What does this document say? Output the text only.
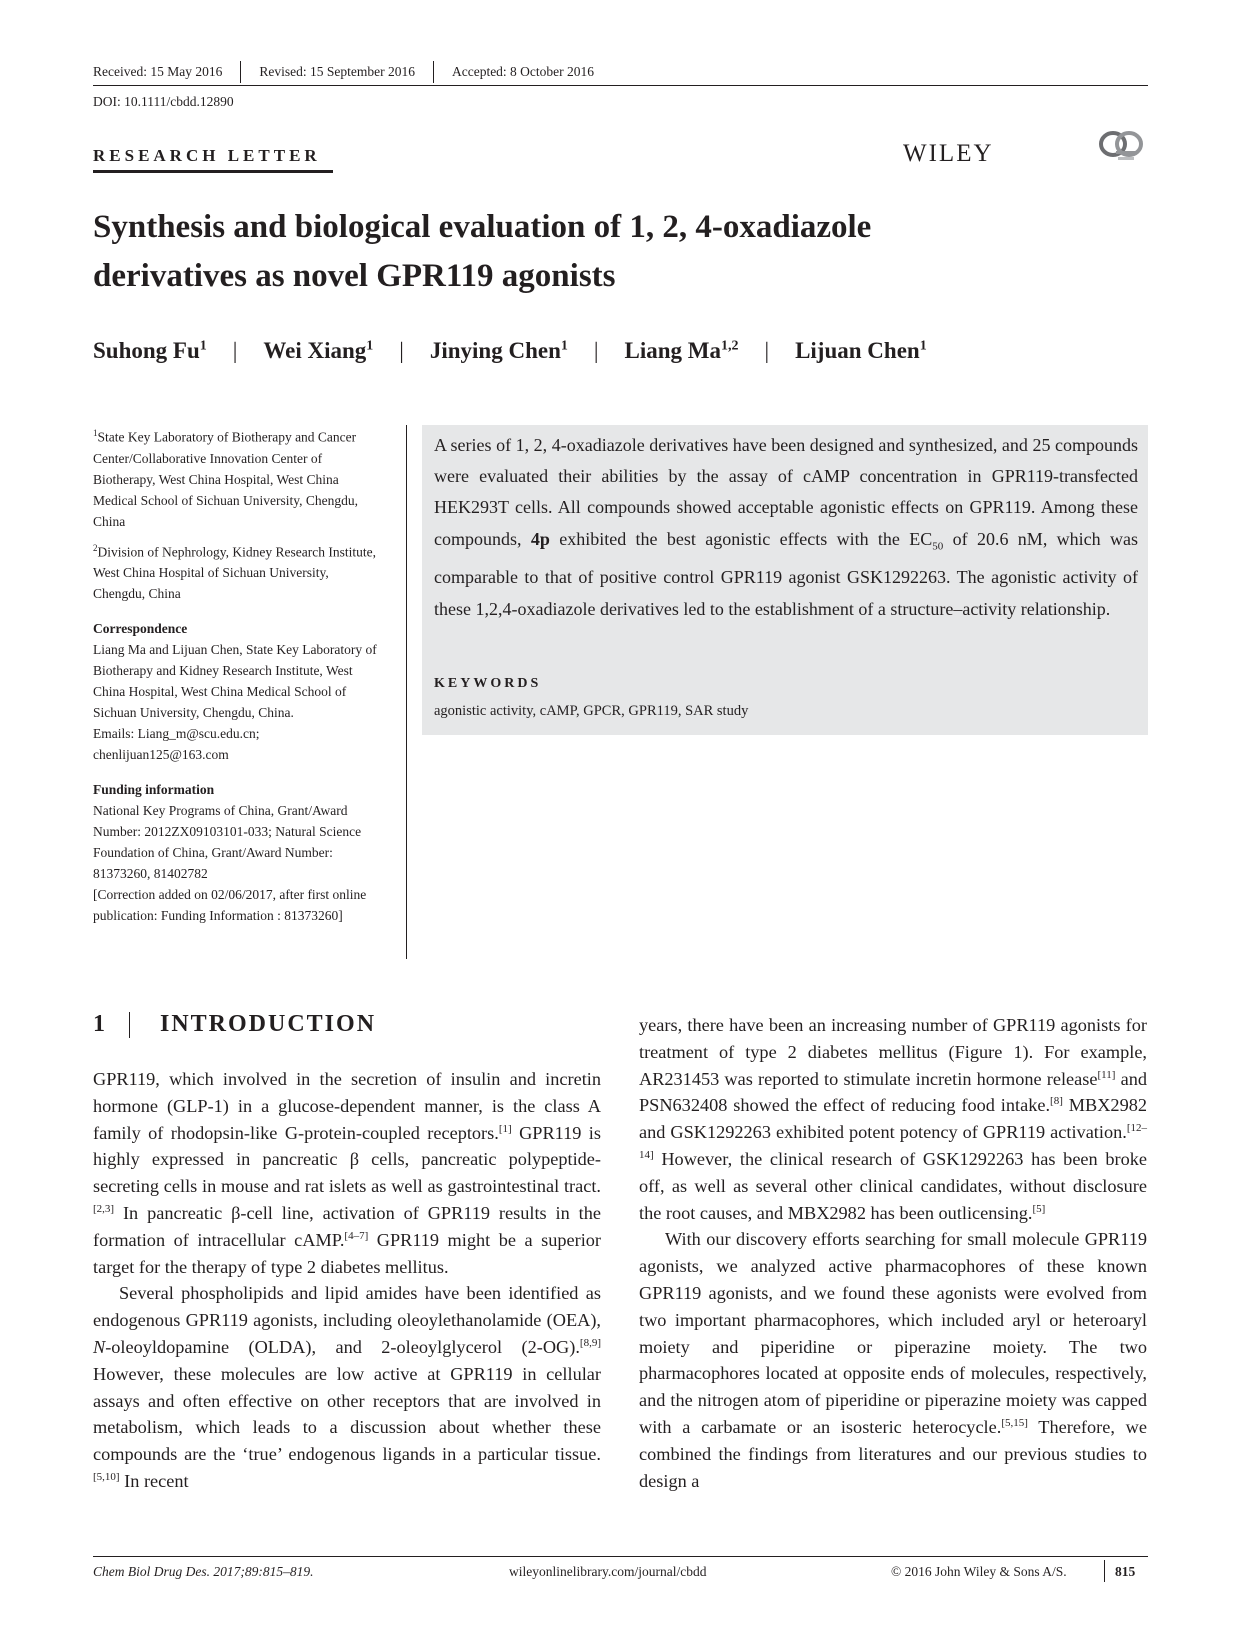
Received: 15 May 2016	Revised: 15 September 2016	Accepted: 8 October 2016
DOI: 10.1111/cbdd.12890
RESEARCH LETTER	WILEY
Synthesis and biological evaluation of 1, 2, 4-oxadiazole
derivatives as novel GPR119 agonists
Suhong Fu$^1$ | Wei Xiang$^1$ | Jinying Chen$^1$ | Liang Ma$^{1,2}$ | Lijuan Chen$^1$

$^1$State Key Laboratory of Biotherapy and Cancer Center/Collaborative Innovation Center of Biotherapy, West China Hospital, West China Medical School of Sichuan University, Chengdu, China

$^2$Division of Nephrology, Kidney Research Institute, West China Hospital of Sichuan University, Chengdu, China

Correspondence

Liang Ma and Lijuan Chen, State Key Laboratory of Biotherapy and Kidney Research Institute, West China Hospital, West China Medical School of Sichuan University, Chengdu, China.

Emails: Liang_m@scu.edu.cn;

chenlijuan125@163.com

Funding information

National Key Programs of China, Grant/Award Number: 2012ZX09103101-033; Natural Science Foundation of China, Grant/Award Number: 81373260, 81402782

[Correction added on 02/06/2017, after first online publication: Funding Information : 81373260]

A series of 1, 2, 4-oxadiazole derivatives have been designed and synthesized, and 25 compounds were evaluated their abilities by the assay of cAMP concentration in GPR119-transfected HEK293T cells. All compounds showed acceptable agonistic effects on GPR119. Among these compounds, 4p exhibited the best agonistic effects with the $EC_{50}$ of 20.6 nM, which was comparable to that of positive control GPR119 agonist GSK1292263. The agonistic activity of these 1,2,4-oxadiazole derivatives led to the establishment of a structure–activity relationship.
KEYWORDS
agonistic activity, cAMP, GPCR, GPR119, SAR study
1 INTRODUCTION

GPR119, which involved in the secretion of insulin and incretin hormone (GLP-1) in a glucose-dependent manner, is the class A family of rhodopsin-like G-protein-coupled receptors.[1] GPR119 is highly expressed in pancreatic β cells, pancreatic polypeptide-secreting cells in mouse and rat islets as well as gastrointestinal tract.[2,3] In pancreatic β-cell line, activation of GPR119 results in the formation of intracellular cAMP.[4–7] GPR119 might be a superior target for the therapy of type 2 diabetes mellitus.

Several phospholipids and lipid amides have been identified as endogenous GPR119 agonists, including oleoylethanolamide (OEA), N-oleoyldopamine (OLDA), and 2-oleoylglycerol (2-OG).[8,9] However, these molecules are low active at GPR119 in cellular assays and often effective on other receptors that are involved in metabolism, which leads to a discussion about whether these compounds are the ‘true’ endogenous ligands in a particular tissue.[5,10] In recent

years, there have been an increasing number of GPR119 agonists for treatment of type 2 diabetes mellitus (Figure 1). For example, AR231453 was reported to stimulate incretin hormone release[11] and PSN632408 showed the effect of reducing food intake.[8] MBX2982 and GSK1292263 exhibited potent potency of GPR119 activation.[12–14] However, the clinical research of GSK1292263 has been broke off, as well as several other clinical candidates, without disclosure the root causes, and MBX2982 has been outlicensing.[5]

With our discovery efforts searching for small molecule GPR119 agonists, we analyzed active pharmacophores of these known GPR119 agonists, and we found these agonists were evolved from two important pharmacophores, which included aryl or heteroaryl moiety and piperidine or piperazine moiety. The two pharmacophores located at opposite ends of molecules, respectively, and the nitrogen atom of piperidine or piperazine moiety was capped with a carbamate or an isosteric heterocycle.[5,15] Therefore, we combined the findings from literatures and our previous studies to design a

Chem Biol Drug Des. 2017;89:815–819.	wileyonlinelibrary.com/journal/cbdd	© 2016 John Wiley & Sons A/S.	815
